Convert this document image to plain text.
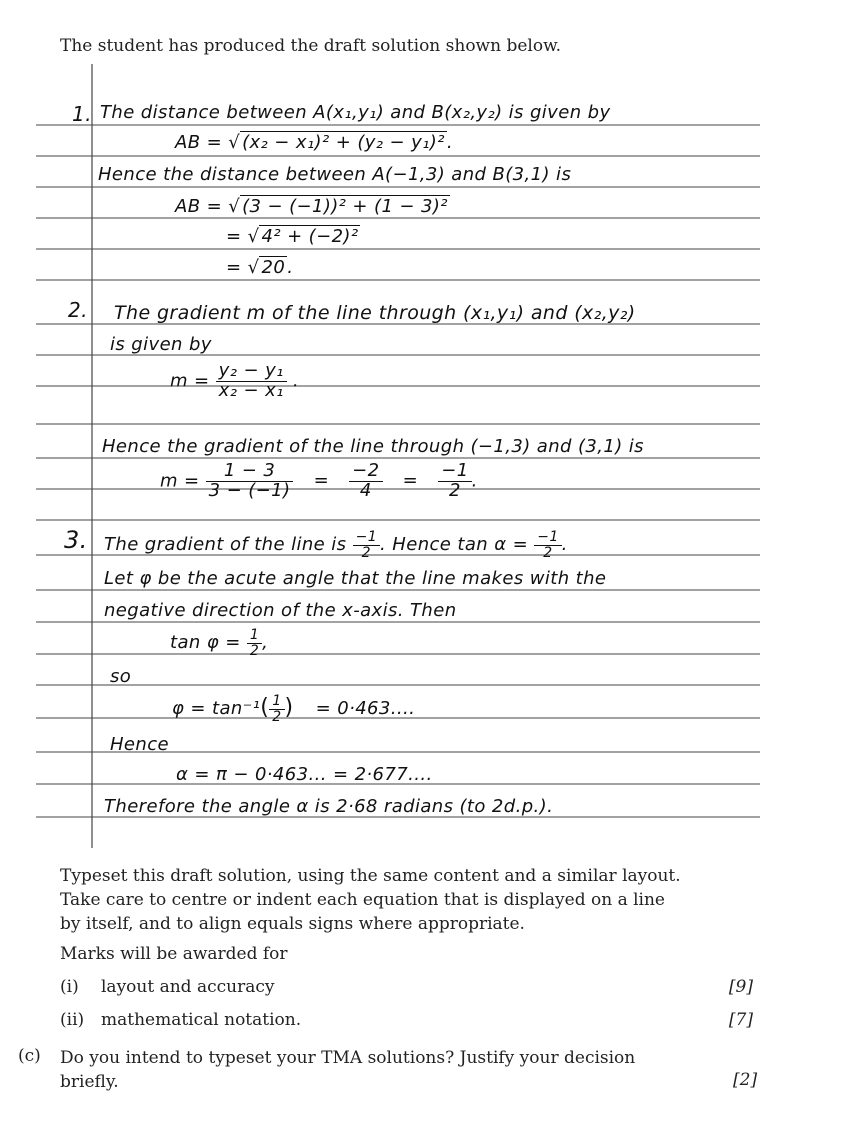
The student has produced the draft solution shown below.
1. The distance between A(x₁,y₁) and B(x₂,y₂) is given by
AB = √ (x₂ − x₁)² + (y₂ − y₁)² .
Hence the distance between A(−1,3) and B(3,1) is
AB = √ (3 − (−1))² + (1 − 3)²
= √ 4² + (−2)²
= √ 20 .
2. The gradient m of the line through (x₁,y₁) and (x₂,y₂)
is given by
$m = \frac{\text{y₂ − y₁}}{\text{x₂ − x₁}}$ .
Hence the gradient of the line through (−1,3) and (3,1) is
$m = \frac{1 - 3}{3 - (-1)} = \frac{-2}{4} = \frac{-1}{2}$ .
3. The gradient of the line is $\frac{-1}{2}$ . Hence $\tan \alpha = \frac{-1}{2}$ .
Let φ be the acute angle that the line makes with the
negative direction of the x-axis. Then
$\tan \varphi = \frac{1}{2}$ ,
so
$\varphi = \tan^{-1}( \frac{1}{2}$ ) = 0·463....
Hence
α = π − 0·463... = 2·677....
Therefore the angle α is 2·68 radians (to 2d.p.).
Typeset this draft solution, using the same content and a similar layout.
Take care to centre or indent each equation that is displayed on a line
by itself, and to align equals signs where appropriate.
Marks will be awarded for
(i) layout and accuracy	[9]
(ii) mathematical notation.	[7]
(c) Do you intend to typeset your TMA solutions? Justify your decision
briefly.	[2]
